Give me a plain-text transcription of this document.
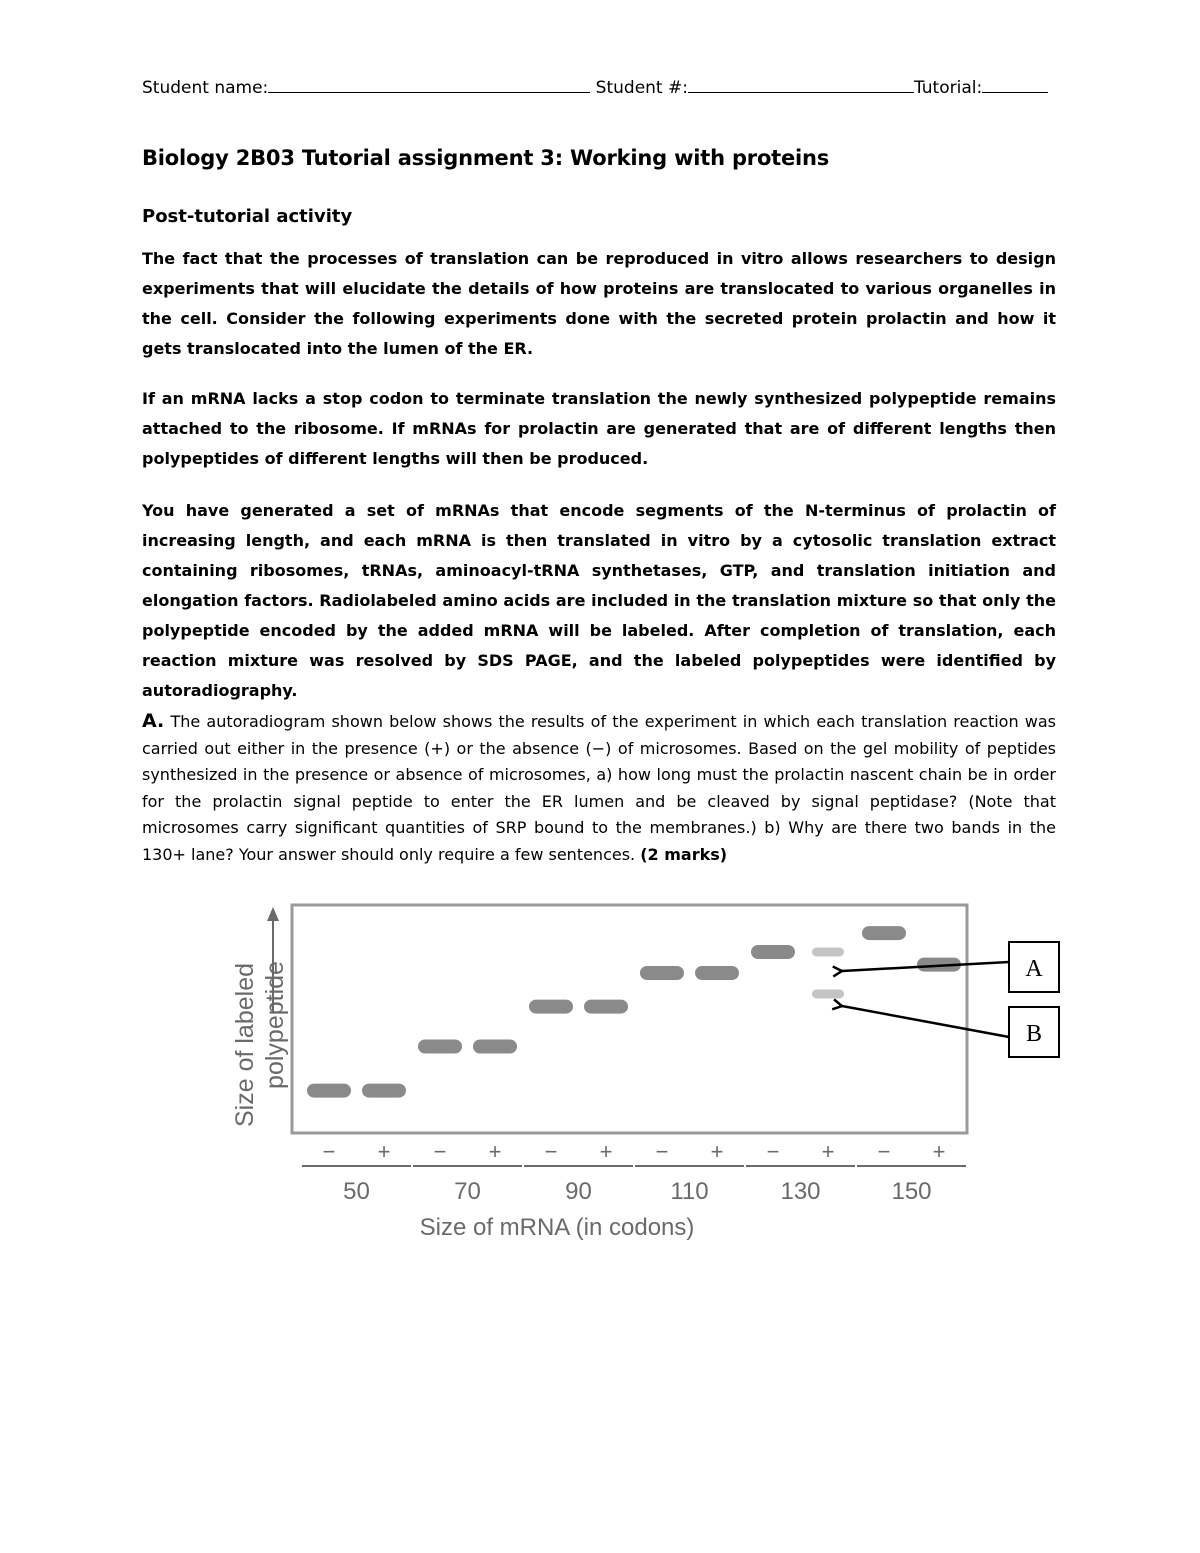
Student name:	Student #:	Tutorial:
Biology 2B03 Tutorial assignment 3: Working with proteins
Post-tutorial activity
The fact that the processes of translation can be reproduced in vitro allows researchers to design experiments that will elucidate the details of how proteins are translocated to various organelles in the cell. Consider the following experiments done with the secreted protein prolactin and how it gets translocated into the lumen of the ER.
If an mRNA lacks a stop codon to terminate translation the newly synthesized polypeptide remains attached to the ribosome. If mRNAs for prolactin are generated that are of different lengths then polypeptides of different lengths will then be produced.
You have generated a set of mRNAs that encode segments of the N-terminus of prolactin of increasing length, and each mRNA is then translated in vitro by a cytosolic translation extract containing ribosomes, tRNAs, aminoacyl-tRNA synthetases, GTP, and translation initiation and elongation factors. Radiolabeled amino acids are included in the translation mixture so that only the polypeptide encoded by the added mRNA will be labeled. After completion of translation, each reaction mixture was resolved by SDS PAGE, and the labeled polypeptides were identified by autoradiography.
A. The autoradiogram shown below shows the results of the experiment in which each translation reaction was carried out either in the presence (+) or the absence (−) of microsomes. Based on the gel mobility of peptides synthesized in the presence or absence of microsomes, a) how long must the prolactin nascent chain be in order for the prolactin signal peptide to enter the ER lumen and be cleaved by signal peptidase? (Note that microsomes carry significant quantities of SRP bound to the membranes.) b) Why are there two bands in the 130+ lane? Your answer should only require a few sentences. (2 marks)
Size of labeled polypeptide
− +
50
− +
70
− +
90
− +
110
− +
130
− +
150
Size of mRNA (in codons)
A
B
